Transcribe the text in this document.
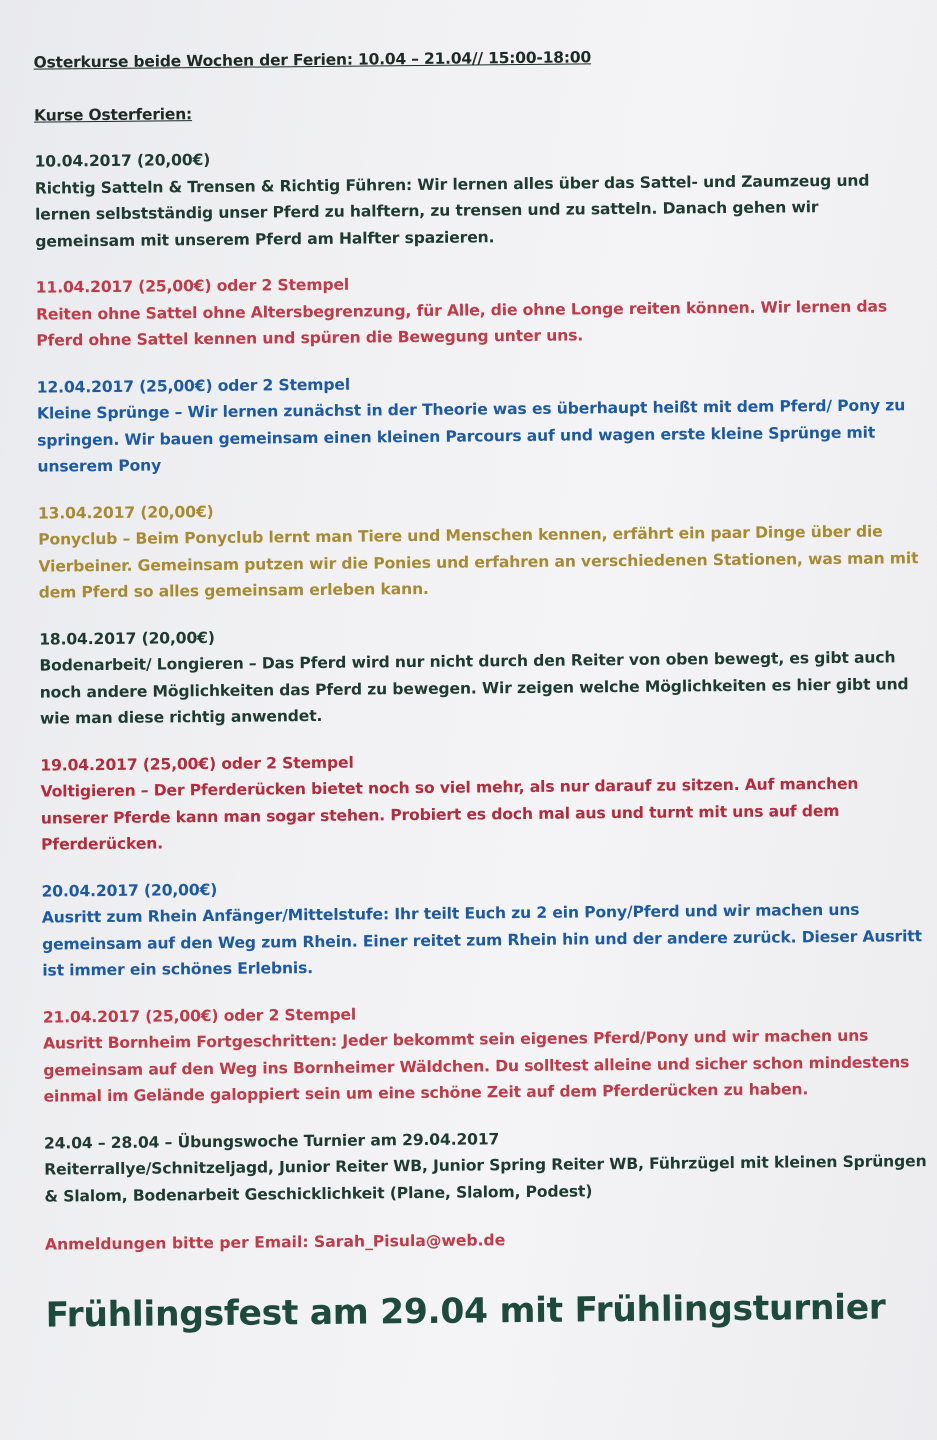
Osterkurse beide Wochen der Ferien: 10.04 – 21.04// 15:00-18:00

Kurse Osterferien:

10.04.2017 (20,00€)
Richtig Satteln & Trensen & Richtig Führen: Wir lernen alles über das Sattel- und Zaumzeug und lernen selbstständig unser Pferd zu halftern, zu trensen und zu satteln. Danach gehen wir gemeinsam mit unserem Pferd am Halfter spazieren.
11.04.2017 (25,00€) oder 2 Stempel
Reiten ohne Sattel ohne Altersbegrenzung, für Alle, die ohne Longe reiten können. Wir lernen das Pferd ohne Sattel kennen und spüren die Bewegung unter uns.
12.04.2017 (25,00€) oder 2 Stempel
Kleine Sprünge – Wir lernen zunächst in der Theorie was es überhaupt heißt mit dem Pferd/ Pony zu springen. Wir bauen gemeinsam einen kleinen Parcours auf und wagen erste kleine Sprünge mit unserem Pony
13.04.2017 (20,00€)
Ponyclub – Beim Ponyclub lernt man Tiere und Menschen kennen, erfährt ein paar Dinge über die Vierbeiner. Gemeinsam putzen wir die Ponies und erfahren an verschiedenen Stationen, was man mit dem Pferd so alles gemeinsam erleben kann.
18.04.2017 (20,00€)
Bodenarbeit/ Longieren – Das Pferd wird nur nicht durch den Reiter von oben bewegt, es gibt auch noch andere Möglichkeiten das Pferd zu bewegen. Wir zeigen welche Möglichkeiten es hier gibt und wie man diese richtig anwendet.
19.04.2017 (25,00€) oder 2 Stempel
Voltigieren – Der Pferderücken bietet noch so viel mehr, als nur darauf zu sitzen. Auf manchen unserer Pferde kann man sogar stehen. Probiert es doch mal aus und turnt mit uns auf dem Pferderücken.
20.04.2017 (20,00€)
Ausritt zum Rhein Anfänger/Mittelstufe: Ihr teilt Euch zu 2 ein Pony/Pferd und wir machen uns gemeinsam auf den Weg zum Rhein. Einer reitet zum Rhein hin und der andere zurück. Dieser Ausritt ist immer ein schönes Erlebnis.
21.04.2017 (25,00€) oder 2 Stempel
Ausritt Bornheim Fortgeschritten: Jeder bekommt sein eigenes Pferd/Pony und wir machen uns gemeinsam auf den Weg ins Bornheimer Wäldchen. Du solltest alleine und sicher schon mindestens einmal im Gelände galoppiert sein um eine schöne Zeit auf dem Pferderücken zu haben.
24.04 – 28.04 – Übungswoche Turnier am 29.04.2017
Reiterrallye/Schnitzeljagd, Junior Reiter WB, Junior Spring Reiter WB, Führzügel mit kleinen Sprüngen & Slalom, Bodenarbeit Geschicklichkeit (Plane, Slalom, Podest)
Anmeldungen bitte per Email: Sarah_Pisula@web.de
Frühlingsfest am 29.04 mit Frühlingsturnier
